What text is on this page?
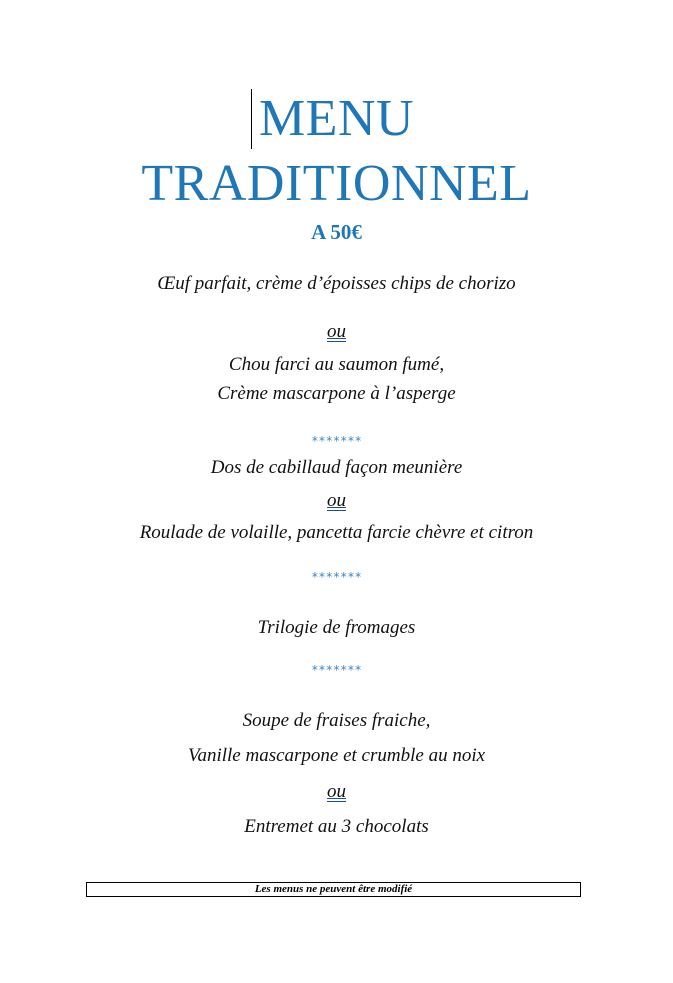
MENU
TRADITIONNEL
A 50€
Œuf parfait, crème d’époisses chips de chorizo
ou
Chou farci au saumon fumé,
Crème mascarpone à l’asperge
*******
Dos de cabillaud façon meunière
ou
Roulade de volaille, pancetta farcie chèvre et citron
*******
Trilogie de fromages
*******
Soupe de fraises fraiche,
Vanille mascarpone et crumble au noix
ou
Entremet au 3 chocolats
Les menus ne peuvent être modifié
